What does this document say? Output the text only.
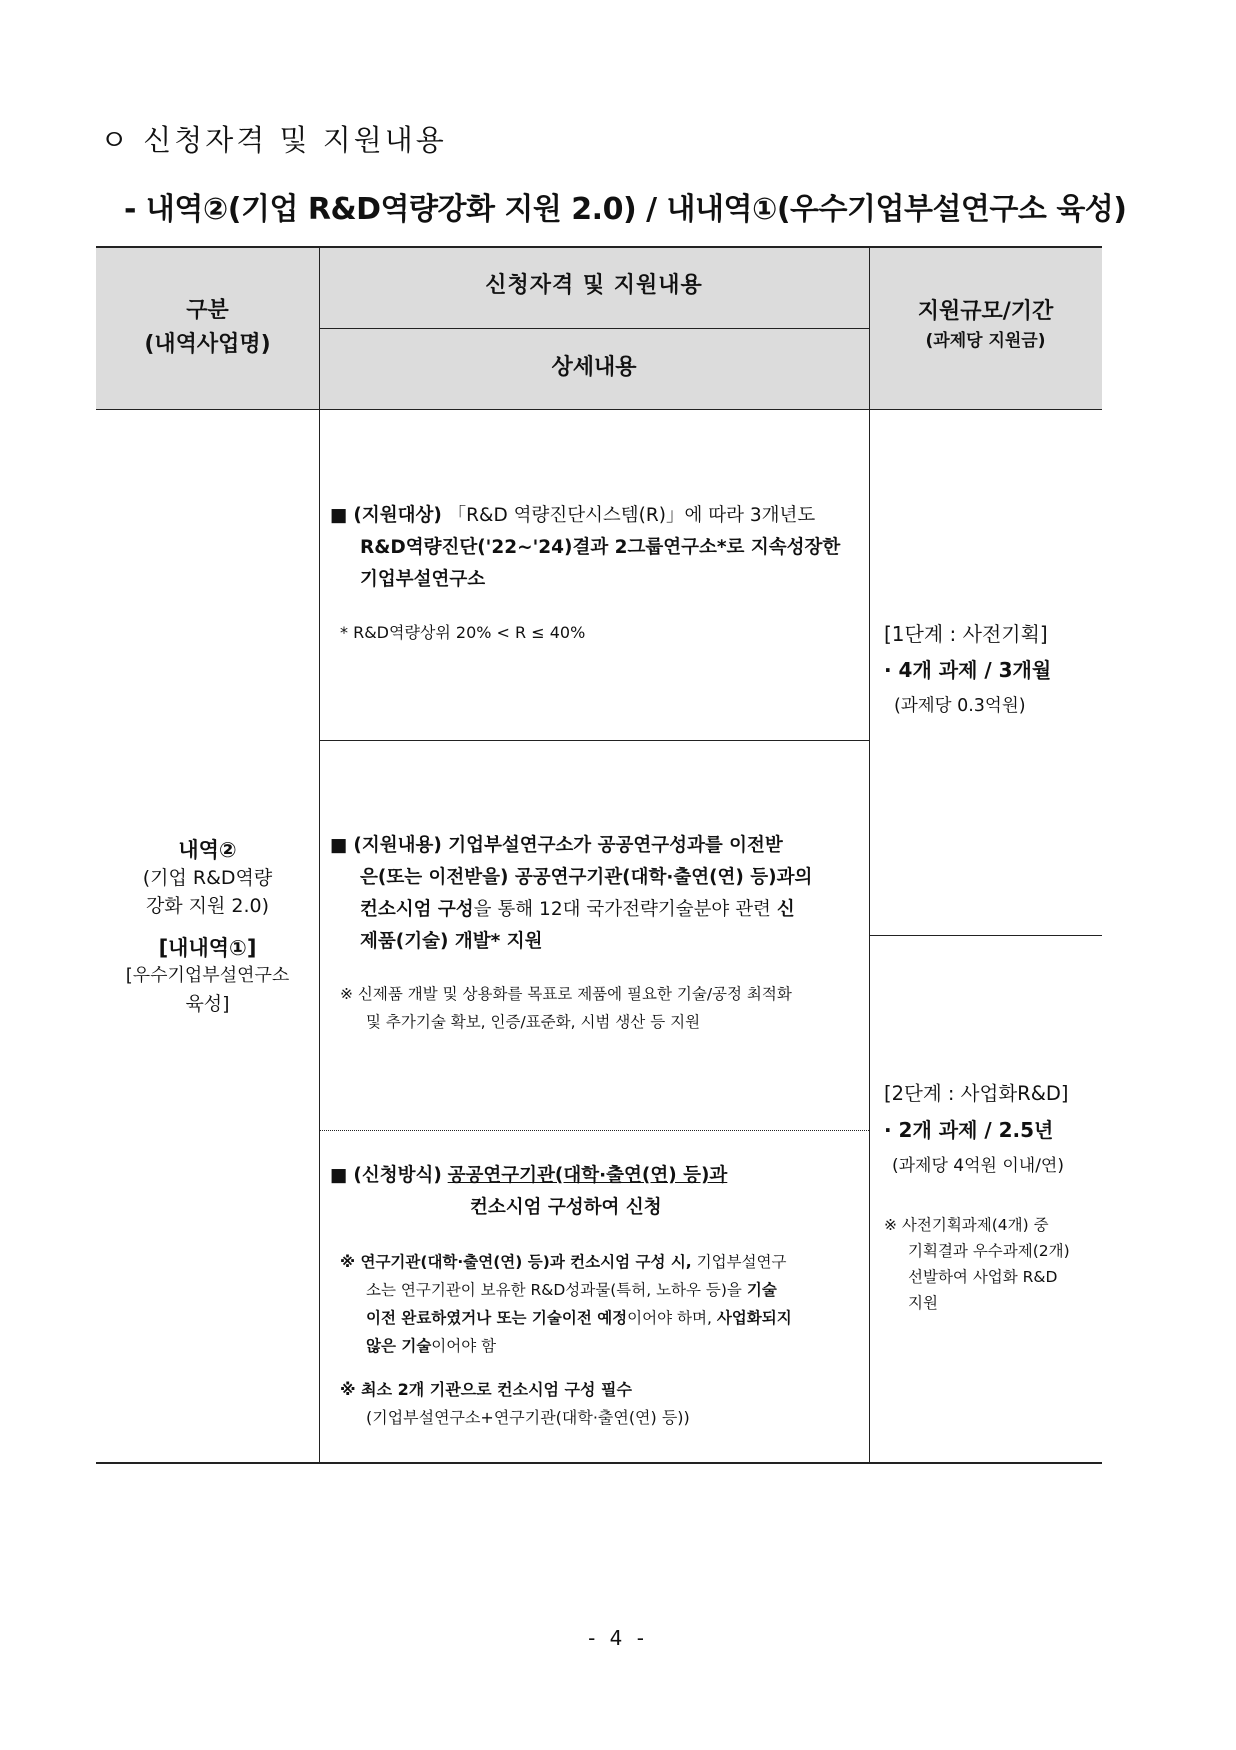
ㅇ 신청자격 및 지원내용
- 내역②(기업 R&D역량강화 지원 2.0) / 내내역①(우수기업부설연구소 육성)
구분
(내역사업명)
신청자격 및 지원내용
상세내용
지원규모/기간
(과제당 지원금)
내역②
(기업 R&D역량
강화 지원 2.0)
[내내역①]
[우수기업부설연구소
육성]
■ (지원대상) 「R&D 역량진단시스템(R)」에 따라 3개년도
R&D역량진단('22~'24)결과 2그룹연구소*로 지속성장한
기업부설연구소
* R&D역량상위 20% < R ≤ 40%
■ (지원내용) 기업부설연구소가 공공연구성과를 이전받
은(또는 이전받을) 공공연구기관(대학·출연(연) 등)과의
컨소시엄 구성을 통해 12대 국가전략기술분야 관련 신
제품(기술) 개발* 지원
※ 신제품 개발 및 상용화를 목표로 제품에 필요한 기술/공정 최적화
및 추가기술 확보, 인증/표준화, 시범 생산 등 지원
■ (신청방식) 공공연구기관(대학·출연(연) 등)과
컨소시엄 구성하여 신청
※ 연구기관(대학·출연(연) 등)과 컨소시엄 구성 시, 기업부설연구
소는 연구기관이 보유한 R&D성과물(특허, 노하우 등)을 기술
이전 완료하였거나 또는 기술이전 예정이어야 하며, 사업화되지
않은 기술이어야 함
※ 최소 2개 기관으로 컨소시엄 구성 필수
(기업부설연구소+연구기관(대학·출연(연) 등))
[1단계 : 사전기획]
· 4개 과제 / 3개월
(과제당 0.3억원)
[2단계 : 사업화R&D]
· 2개 과제 / 2.5년
(과제당 4억원 이내/연)
※ 사전기획과제(4개) 중
기획결과 우수과제(2개)
선발하여 사업화 R&D
지원
- 4 -
